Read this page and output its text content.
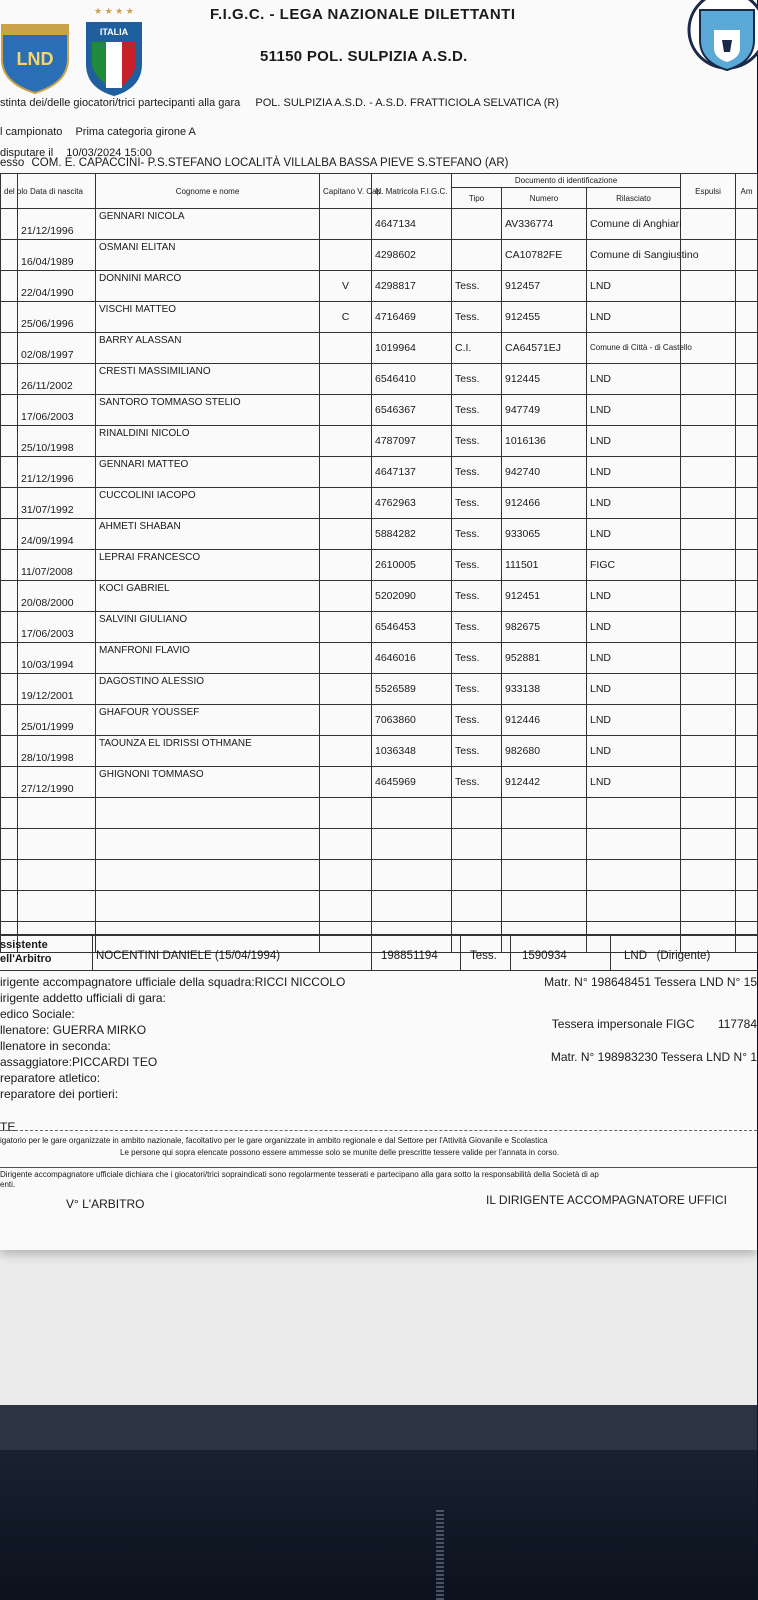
LND
★ ★ ★ ★
ITALIA
F.I.G.C. - LEGA NAZIONALE DILETTANTI
51150 POL. SULPIZIA A.S.D.
stinta dei/delle giocatori/trici partecipanti alla gara POL. SULPIZIA A.S.D. - A.S.D. FRATTICIOLA SELVATICA (R)
l campionato Prima categoria girone A
disputare il 10/03/2024 15:00
esso COM. E. CAPACCINI- P.S.STEFANO LOCALITÀ VILLALBA BASSA PIEVE S.STEFANO (AR)
del olo	Data di nascita	Cognome e nome	Capitano V. Cap.	N. Matricola F.I.G.C.	Documento di identificazione			Espulsi	Am
					Tipo	Numero	Rilasciato		
	21/12/1996	GENNARI NICOLA		4647134		AV336774	Comune di Anghiari		
	16/04/1989	OSMANI ELITAN		4298602		CA10782FE	Comune di Sangiustino		
	22/04/1990	DONNINI MARCO	V	4298817	Tess.	912457	LND		
	25/06/1996	VISCHI MATTEO	C	4716469	Tess.	912455	LND		
	02/08/1997	BARRY ALASSAN		1019964	C.I.	CA64571EJ	Comune di Città - di Castello		
	26/11/2002	CRESTI MASSIMILIANO		6546410	Tess.	912445	LND		
	17/06/2003	SANTORO TOMMASO STELIO		6546367	Tess.	947749	LND		
	25/10/1998	RINALDINI NICOLO		4787097	Tess.	1016136	LND		
	21/12/1996	GENNARI MATTEO		4647137	Tess.	942740	LND		
	31/07/1992	CUCCOLINI IACOPO		4762963	Tess.	912466	LND		
	24/09/1994	AHMETI SHABAN		5884282	Tess.	933065	LND		
	11/07/2008	LEPRAI FRANCESCO		2610005	Tess.	111501	FIGC		
	20/08/2000	KOCI GABRIEL		5202090	Tess.	912451	LND		
	17/06/2003	SALVINI GIULIANO		6546453	Tess.	982675	LND		
	10/03/1994	MANFRONI FLAVIO		4646016	Tess.	952881	LND		
	19/12/2001	DAGOSTINO ALESSIO		5526589	Tess.	933138	LND		
	25/01/1999	GHAFOUR YOUSSEF		7063860	Tess.	912446	LND		
	28/10/1998	TAOUNZA EL IDRISSI OTHMANE		1036348	Tess.	982680	LND		
	27/12/1990	GHIGNONI TOMMASO		4645969	Tess.	912442	LND		

ssistente ell'Arbitro	NOCENTINI DANIELE (15/04/1994)	198851194	Tess. 1590934	LND   (Dirigente)
irigente accompagnatore ufficiale della squadra:RICCI NICCOLO	Matr. N° 198648451 Tessera LND N° 15
irigente addetto ufficiali di gara:
edico Sociale:
llenatore: GUERRA MIRKO	Tessera impersonale FIGC       117784
llenatore in seconda:
assaggiatore:PICCARDI TEO	Matr. N° 198983230 Tessera LND N° 1
reparatore atletico:
reparatore dei portieri:
TE
igatorio per le gare organizzate in ambito nazionale, facoltativo per le gare organizzate in ambito regionale e dal Settore per l'Attività Giovanile e Scolastica
Le persone qui sopra elencate possono essere ammesse solo se munite delle prescritte tessere valide per l'annata in corso.
Dirigente accompagnatore ufficiale dichiara che i giocatori/trici sopraindicati sono regolarmente tesserati e partecipano alla gara sotto la responsabilità della Società di ap
enti.
V° L'ARBITRO	IL DIRIGENTE ACCOMPAGNATORE UFFICI
